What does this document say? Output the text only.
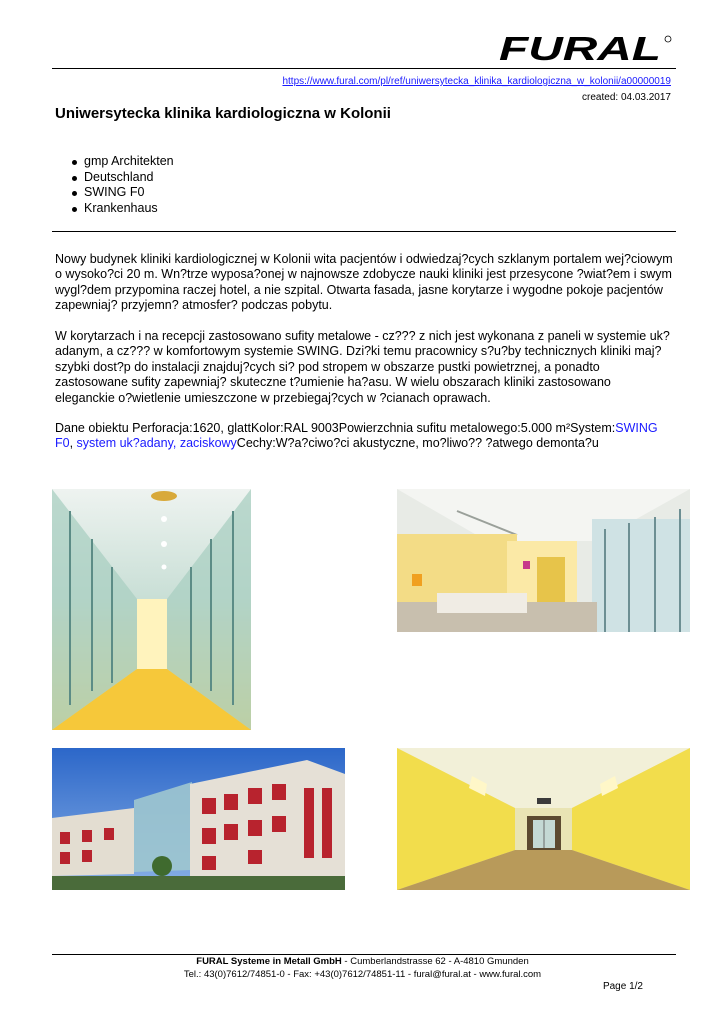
FURAL
https://www.fural.com/pl/ref/uniwersytecka_klinika_kardiologiczna_w_kolonii/a00000019
created: 04.03.2017
Uniwersytecka klinika kardiologiczna w Kolonii
gmp Architekten
Deutschland
SWING F0
Krankenhaus

Nowy budynek kliniki kardiologicznej w Kolonii wita pacjentów i odwiedzaj?cych szklanym portalem wej?ciowym o wysoko?ci 20 m. Wn?trze wyposa?onej w najnowsze zdobycze nauki kliniki jest przesycone ?wiat?em i swym wygl?dem przypomina raczej hotel, a nie szpital. Otwarta fasada, jasne korytarze i wygodne pokoje pacjentów zapewniaj? przyjemn? atmosfer? podczas pobytu.

W korytarzach i na recepcji zastosowano sufity metalowe - cz??? z nich jest wykonana z paneli w systemie uk?adanym, a cz??? w komfortowym systemie SWING. Dzi?ki temu pracownicy s?u?by technicznych kliniki maj? szybki dost?p do instalacji znajduj?cych si? pod stropem w obszarze pustki powietrznej, a ponadto zastosowane sufity zapewniaj? skuteczne t?umienie ha?asu. W wielu obszarach kliniki zastosowano eleganckie o?wietlenie umieszczone w przebiegaj?cych w ?cianach oprawach.

Dane obiektu Perforacja:1620, glattKolor:RAL 9003Powierzchnia sufitu metalowego:5.000 m²System:SWING F0, system uk?adany, zaciskowyCechy:W?a?ciwo?ci akustyczne, mo?liwo?? ?atwego demonta?u

FURAL Systeme in Metall GmbH - Cumberlandstrasse 62 - A-4810 Gmunden
Tel.: 43(0)7612/74851-0 - Fax: +43(0)7612/74851-11 - fural@fural.at - www.fural.com
Page 1/2
